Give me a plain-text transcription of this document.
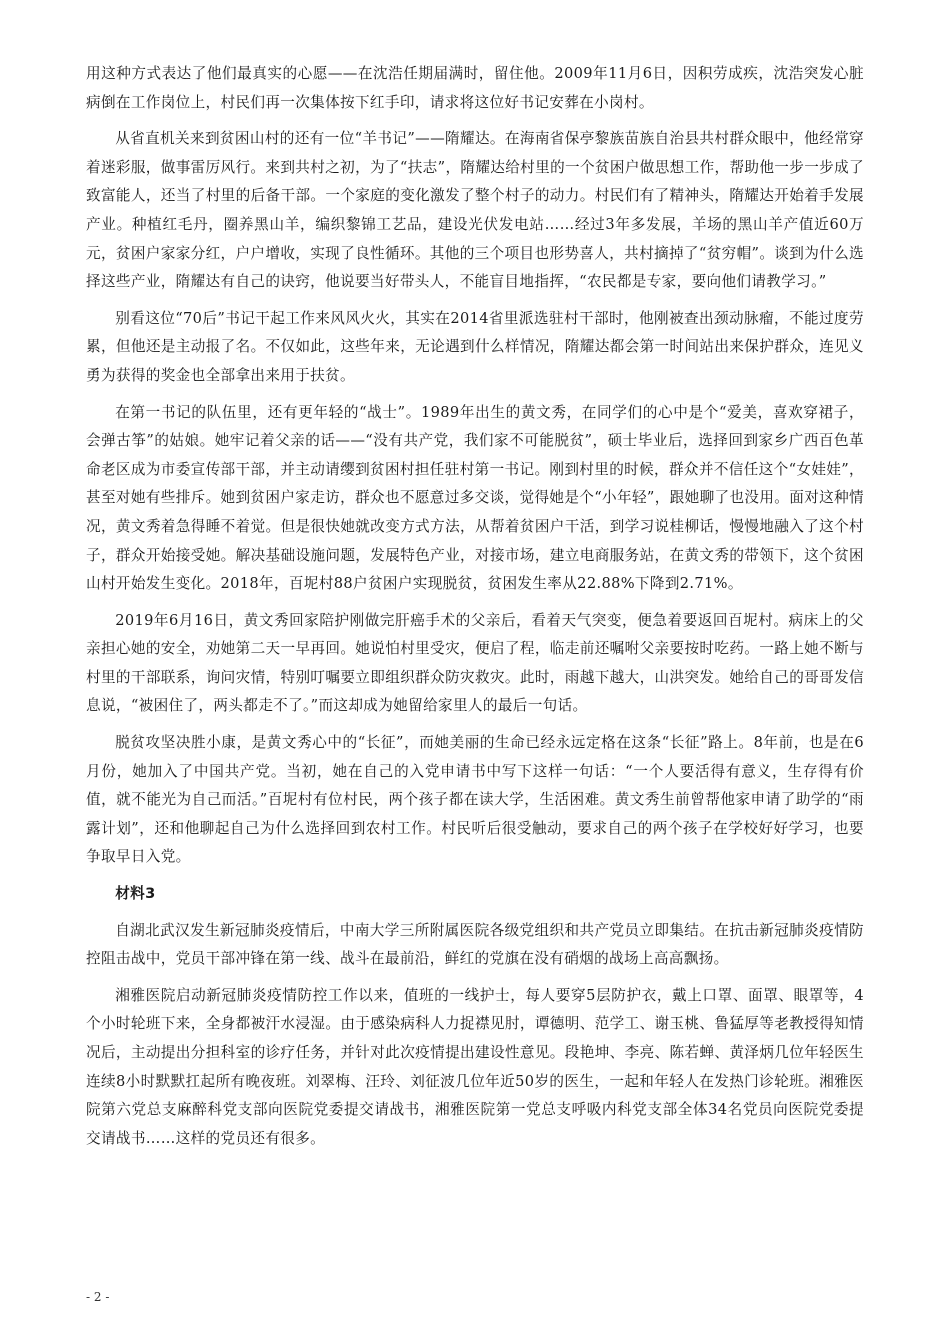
用这种方式表达了他们最真实的心愿——在沈浩任期届满时，留住他。2009年11月6日，因积劳成疾，沈浩突发心脏病倒在工作岗位上，村民们再一次集体按下红手印，请求将这位好书记安葬在小岗村。

从省直机关来到贫困山村的还有一位“羊书记”——隋耀达。在海南省保亭黎族苗族自治县共村群众眼中，他经常穿着迷彩服，做事雷厉风行。来到共村之初，为了“扶志”，隋耀达给村里的一个贫困户做思想工作，帮助他一步一步成了致富能人，还当了村里的后备干部。一个家庭的变化激发了整个村子的动力。村民们有了精神头，隋耀达开始着手发展产业。种植红毛丹，圈养黑山羊，编织黎锦工艺品，建设光伏发电站……经过3年多发展，羊场的黑山羊产值近60万元，贫困户家家分红，户户增收，实现了良性循环。其他的三个项目也形势喜人，共村摘掉了“贫穷帽”。谈到为什么选择这些产业，隋耀达有自己的诀窍，他说要当好带头人，不能盲目地指挥，“农民都是专家，要向他们请教学习。”

别看这位“70后”书记干起工作来风风火火，其实在2014省里派选驻村干部时，他刚被查出颈动脉瘤，不能过度劳累，但他还是主动报了名。不仅如此，这些年来，无论遇到什么样情况，隋耀达都会第一时间站出来保护群众，连见义勇为获得的奖金也全部拿出来用于扶贫。

在第一书记的队伍里，还有更年轻的“战士”。1989年出生的黄文秀，在同学们的心中是个“爱美，喜欢穿裙子，会弹古筝”的姑娘。她牢记着父亲的话——“没有共产党，我们家不可能脱贫”，硕士毕业后，选择回到家乡广西百色革命老区成为市委宣传部干部，并主动请缨到贫困村担任驻村第一书记。刚到村里的时候，群众并不信任这个“女娃娃”，甚至对她有些排斥。她到贫困户家走访，群众也不愿意过多交谈，觉得她是个“小年轻”，跟她聊了也没用。面对这种情况，黄文秀着急得睡不着觉。但是很快她就改变方式方法，从帮着贫困户干活，到学习说桂柳话，慢慢地融入了这个村子，群众开始接受她。解决基础设施问题，发展特色产业，对接市场，建立电商服务站，在黄文秀的带领下，这个贫困山村开始发生变化。2018年，百坭村88户贫困户实现脱贫，贫困发生率从22.88%下降到2.71%。

2019年6月16日，黄文秀回家陪护刚做完肝癌手术的父亲后，看着天气突变，便急着要返回百坭村。病床上的父亲担心她的安全，劝她第二天一早再回。她说怕村里受灾，便启了程，临走前还嘱咐父亲要按时吃药。一路上她不断与村里的干部联系，询问灾情，特别叮嘱要立即组织群众防灾救灾。此时，雨越下越大，山洪突发。她给自己的哥哥发信息说，“被困住了，两头都走不了。”而这却成为她留给家里人的最后一句话。

脱贫攻坚决胜小康，是黄文秀心中的“长征”，而她美丽的生命已经永远定格在这条“长征”路上。8年前，也是在6月份，她加入了中国共产党。当初，她在自己的入党申请书中写下这样一句话：“一个人要活得有意义，生存得有价值，就不能光为自己而活。”百坭村有位村民，两个孩子都在读大学，生活困难。黄文秀生前曾帮他家申请了助学的“雨露计划”，还和他聊起自己为什么选择回到农村工作。村民听后很受触动，要求自己的两个孩子在学校好好学习，也要争取早日入党。

材料3

自湖北武汉发生新冠肺炎疫情后，中南大学三所附属医院各级党组织和共产党员立即集结。在抗击新冠肺炎疫情防控阻击战中，党员干部冲锋在第一线、战斗在最前沿，鲜红的党旗在没有硝烟的战场上高高飘扬。

湘雅医院启动新冠肺炎疫情防控工作以来，值班的一线护士，每人要穿5层防护衣，戴上口罩、面罩、眼罩等，4个小时轮班下来，全身都被汗水浸湿。由于感染病科人力捉襟见肘，谭德明、范学工、谢玉桃、鲁猛厚等老教授得知情况后，主动提出分担科室的诊疗任务，并针对此次疫情提出建设性意见。段艳坤、李亮、陈若蝉、黄泽炳几位年轻医生连续8小时默默扛起所有晚夜班。刘翠梅、汪玲、刘征波几位年近50岁的医生，一起和年轻人在发热门诊轮班。湘雅医院第六党总支麻醉科党支部向医院党委提交请战书，湘雅医院第一党总支呼吸内科党支部全体34名党员向医院党委提交请战书……这样的党员还有很多。

- 2 -
